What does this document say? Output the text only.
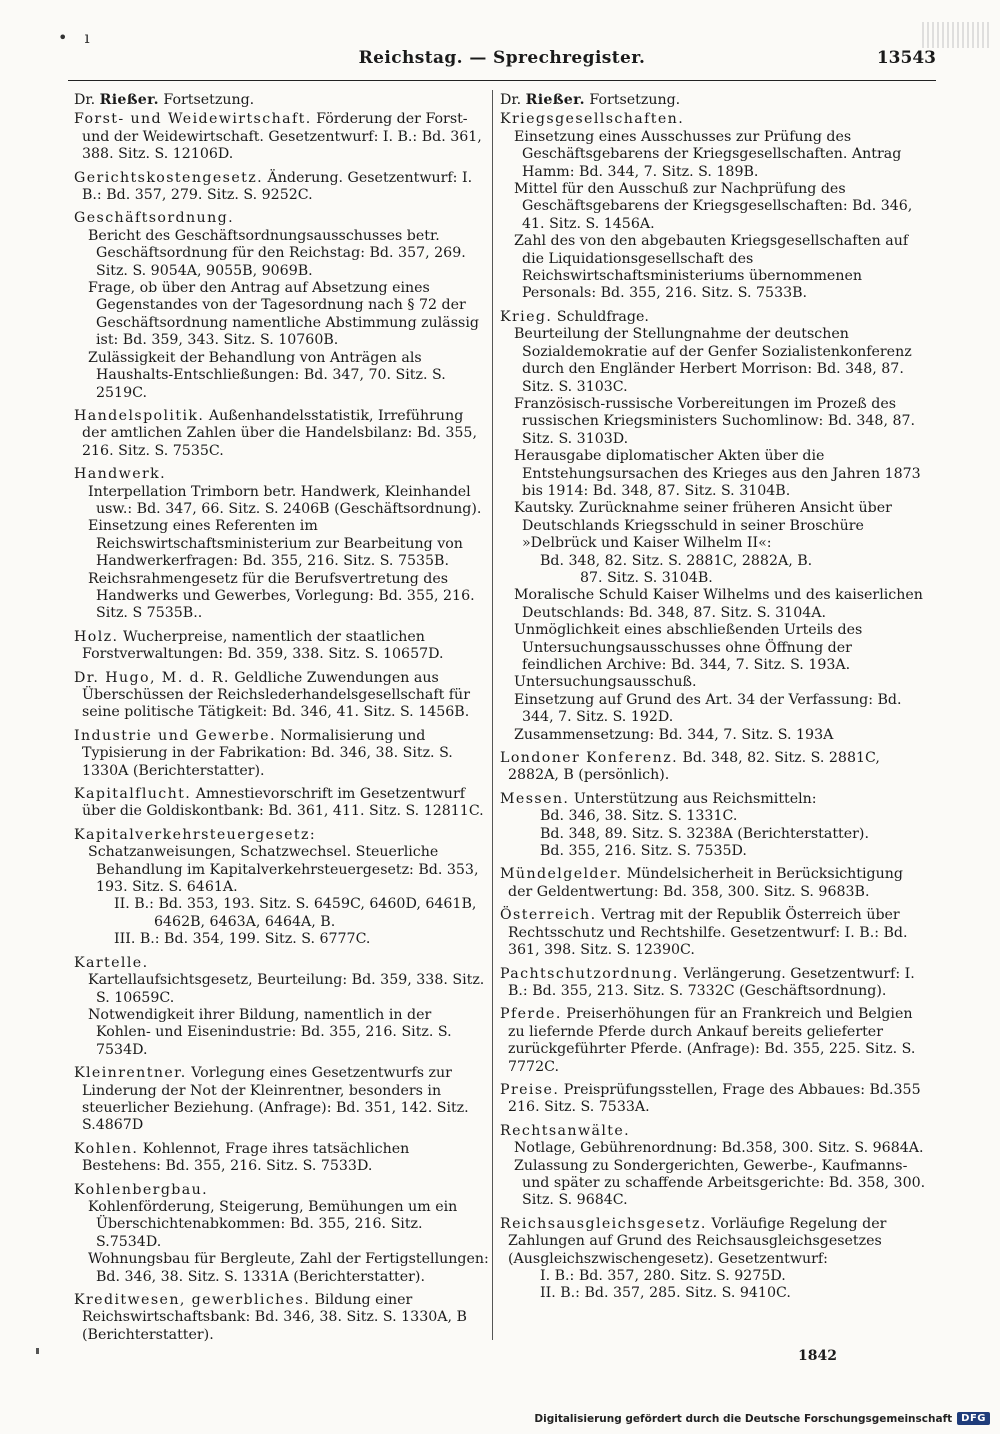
• ı
Reichstag. — Sprechregister.	13543
Dr. Rießer. Fortsetzung.
Forst- und Weidewirtschaft. Förderung der Forst- und der Weidewirtschaft. Gesetzentwurf: I. B.: Bd. 361, 388. Sitz. S. 12106D.
Gerichtskostengesetz. Änderung. Gesetzentwurf: I. B.: Bd. 357, 279. Sitz. S. 9252C.
Geschäftsordnung.
Bericht des Geschäftsordnungsausschusses betr. Geschäftsordnung für den Reichstag: Bd. 357, 269. Sitz. S. 9054A, 9055B, 9069B.
Frage, ob über den Antrag auf Absetzung eines Gegenstandes von der Tagesordnung nach § 72 der Geschäftsordnung namentliche Abstimmung zulässig ist: Bd. 359, 343. Sitz. S. 10760B.
Zulässigkeit der Behandlung von Anträgen als Haushalts-Entschließungen: Bd. 347, 70. Sitz. S. 2519C.
Handelspolitik. Außenhandelsstatistik, Irreführung der amtlichen Zahlen über die Handelsbilanz: Bd. 355, 216. Sitz. S. 7535C.
Handwerk.
Interpellation Trimborn betr. Handwerk, Kleinhandel usw.: Bd. 347, 66. Sitz. S. 2406B (Geschäftsordnung).
Einsetzung eines Referenten im Reichswirtschaftsministerium zur Bearbeitung von Handwerkerfragen: Bd. 355, 216. Sitz. S. 7535B.
Reichsrahmengesetz für die Berufsvertretung des Handwerks und Gewerbes, Vorlegung: Bd. 355, 216. Sitz. S 7535B..
Holz. Wucherpreise, namentlich der staatlichen Forstverwaltungen: Bd. 359, 338. Sitz. S. 10657D.
Dr. Hugo, M. d. R. Geldliche Zuwendungen aus Überschüssen der Reichslederhandelsgesellschaft für seine politische Tätigkeit: Bd. 346, 41. Sitz. S. 1456B.
Industrie und Gewerbe. Normalisierung und Typisierung in der Fabrikation: Bd. 346, 38. Sitz. S. 1330A (Berichterstatter).
Kapitalflucht. Amnestievorschrift im Gesetzentwurf über die Goldiskontbank: Bd. 361, 411. Sitz. S. 12811C.
Kapitalverkehrsteuergesetz:
Schatzanweisungen, Schatzwechsel. Steuerliche Behandlung im Kapitalverkehrsteuergesetz: Bd. 353, 193. Sitz. S. 6461A.
II. B.: Bd. 353, 193. Sitz. S. 6459C, 6460D, 6461B,
6462B, 6463A, 6464A, B.
III. B.: Bd. 354, 199. Sitz. S. 6777C.
Kartelle.
Kartellaufsichtsgesetz, Beurteilung: Bd. 359, 338. Sitz. S. 10659C.
Notwendigkeit ihrer Bildung, namentlich in der Kohlen- und Eisenindustrie: Bd. 355, 216. Sitz. S. 7534D.
Kleinrentner. Vorlegung eines Gesetzentwurfs zur Linderung der Not der Kleinrentner, besonders in steuerlicher Beziehung. (Anfrage): Bd. 351, 142. Sitz. S.4867D
Kohlen. Kohlennot, Frage ihres tatsächlichen Bestehens: Bd. 355, 216. Sitz. S. 7533D.
Kohlenbergbau.
Kohlenförderung, Steigerung, Bemühungen um ein Überschichtenabkommen: Bd. 355, 216. Sitz. S.7534D.
Wohnungsbau für Bergleute, Zahl der Fertigstellungen: Bd. 346, 38. Sitz. S. 1331A (Berichterstatter).
Kreditwesen, gewerbliches. Bildung einer Reichswirtschaftsbank: Bd. 346, 38. Sitz. S. 1330A, B (Berichterstatter).
Dr. Rießer. Fortsetzung.
Kriegsgesellschaften.
Einsetzung eines Ausschusses zur Prüfung des Geschäftsgebarens der Kriegsgesellschaften. Antrag Hamm: Bd. 344, 7. Sitz. S. 189B.
Mittel für den Ausschuß zur Nachprüfung des Geschäftsgebarens der Kriegsgesellschaften: Bd. 346, 41. Sitz. S. 1456A.
Zahl des von den abgebauten Kriegsgesellschaften auf die Liquidationsgesellschaft des Reichswirtschaftsministeriums übernommenen Personals: Bd. 355, 216. Sitz. S. 7533B.
Krieg. Schuldfrage.
Beurteilung der Stellungnahme der deutschen Sozialdemokratie auf der Genfer Sozialistenkonferenz durch den Engländer Herbert Morrison: Bd. 348, 87. Sitz. S. 3103C.
Französisch-russische Vorbereitungen im Prozeß des russischen Kriegsministers Suchomlinow: Bd. 348, 87. Sitz. S. 3103D.
Herausgabe diplomatischer Akten über die Entstehungsursachen des Krieges aus den Jahren 1873 bis 1914: Bd. 348, 87. Sitz. S. 3104B.
Kautsky. Zurücknahme seiner früheren Ansicht über Deutschlands Kriegsschuld in seiner Broschüre »Delbrück und Kaiser Wilhelm II«:
Bd. 348, 82. Sitz. S. 2881C, 2882A, B.
87. Sitz. S. 3104B.
Moralische Schuld Kaiser Wilhelms und des kaiserlichen Deutschlands: Bd. 348, 87. Sitz. S. 3104A.
Unmöglichkeit eines abschließenden Urteils des Untersuchungsausschusses ohne Öffnung der feindlichen Archive: Bd. 344, 7. Sitz. S. 193A.
Untersuchungsausschuß.
Einsetzung auf Grund des Art. 34 der Verfassung: Bd. 344, 7. Sitz. S. 192D.
Zusammensetzung: Bd. 344, 7. Sitz. S. 193A
Londoner Konferenz. Bd. 348, 82. Sitz. S. 2881C, 2882A, B (persönlich).
Messen. Unterstützung aus Reichsmitteln:
Bd. 346, 38. Sitz. S. 1331C.
Bd. 348, 89. Sitz. S. 3238A (Berichterstatter).
Bd. 355, 216. Sitz. S. 7535D.
Mündelgelder. Mündelsicherheit in Berücksichtigung der Geldentwertung: Bd. 358, 300. Sitz. S. 9683B.
Österreich. Vertrag mit der Republik Österreich über Rechtsschutz und Rechtshilfe. Gesetzentwurf: I. B.: Bd. 361, 398. Sitz. S. 12390C.
Pachtschutzordnung. Verlängerung. Gesetzentwurf: I. B.: Bd. 355, 213. Sitz. S. 7332C (Geschäftsordnung).
Pferde. Preiserhöhungen für an Frankreich und Belgien zu liefernde Pferde durch Ankauf bereits gelieferter zurückgeführter Pferde. (Anfrage): Bd. 355, 225. Sitz. S. 7772C.
Preise. Preisprüfungsstellen, Frage des Abbaues: Bd.355 216. Sitz. S. 7533A.
Rechtsanwälte.
Notlage, Gebührenordnung: Bd.358, 300. Sitz. S. 9684A.
Zulassung zu Sondergerichten, Gewerbe-, Kaufmanns- und später zu schaffende Arbeitsgerichte: Bd. 358, 300. Sitz. S. 9684C.
Reichsausgleichsgesetz. Vorläufige Regelung der Zahlungen auf Grund des Reichsausgleichsgesetzes (Ausgleichszwischengesetz). Gesetzentwurf:
I. B.: Bd. 357, 280. Sitz. S. 9275D.
II. B.: Bd. 357, 285. Sitz. S. 9410C.
1842
Digitalisierung gefördert durch die Deutsche Forschungsgemeinschaft DFG
